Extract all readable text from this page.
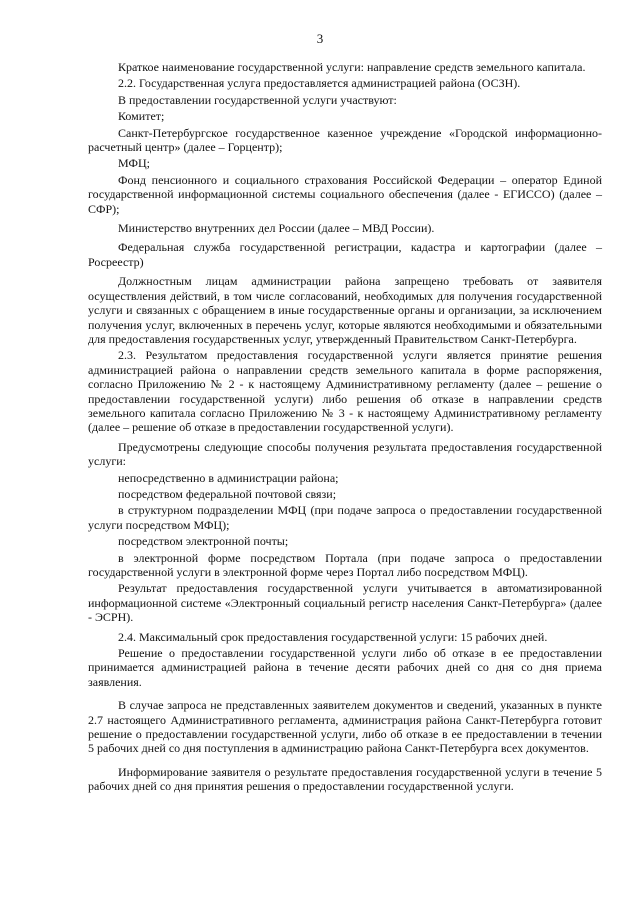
3

Краткое наименование государственной услуги: направление средств земельного капитала.

2.2. Государственная услуга предоставляется администрацией района (ОСЗН).

В предоставлении государственной услуги участвуют:

Комитет;

Санкт-Петербургское государственное казенное учреждение «Городской информационно-расчетный центр» (далее – Горцентр);

МФЦ;

Фонд пенсионного и социального страхования Российской Федерации – оператор Единой государственной информационной системы социального обеспечения (далее - ЕГИССО) (далее – СФР);

Министерство внутренних дел России (далее – МВД России).

Федеральная служба государственной регистрации, кадастра и картографии (далее – Росреестр)

Должностным лицам администрации района запрещено требовать от заявителя осуществления действий, в том числе согласований, необходимых для получения государственной услуги и связанных с обращением в иные государственные органы и организации, за исключением получения услуг, включенных в перечень услуг, которые являются необходимыми и обязательными для предоставления государственных услуг, утвержденный Правительством Санкт-Петербурга.

2.3. Результатом предоставления государственной услуги является принятие решения администрацией района о направлении средств земельного капитала в форме распоряжения, согласно Приложению № 2 - к настоящему Административному регламенту (далее – решение о предоставлении государственной услуги) либо решения об отказе в направлении средств земельного капитала согласно Приложению № 3 - к настоящему Административному регламенту (далее – решение об отказе в предоставлении государственной услуги).

Предусмотрены следующие способы получения результата предоставления государственной услуги:

непосредственно в администрации района;

посредством федеральной почтовой связи;

в структурном подразделении МФЦ (при подаче запроса о предоставлении государственной услуги посредством МФЦ);

посредством электронной почты;

в электронной форме посредством Портала (при подаче запроса о предоставлении государственной услуги в электронной форме через Портал либо посредством МФЦ).

Результат предоставления государственной услуги учитывается в автоматизированной информационной системе «Электронный социальный регистр населения Санкт-Петербурга» (далее - ЭСРН).

2.4. Максимальный срок предоставления государственной услуги: 15 рабочих дней.

Решение о предоставлении государственной услуги либо об отказе в ее предоставлении принимается администрацией района в течение десяти рабочих дней со дня со дня приема заявления.

В случае запроса не представленных заявителем документов и сведений, указанных в пункте 2.7 настоящего Административного регламента, администрация района Санкт-Петербурга готовит решение о предоставлении государственной услуги, либо об отказе в ее предоставлении в течении 5 рабочих дней со дня поступления в администрацию района Санкт-Петербурга всех документов.

Информирование заявителя о результате предоставления государственной услуги в течение 5 рабочих дней со дня принятия решения о предоставлении государственной услуги.
